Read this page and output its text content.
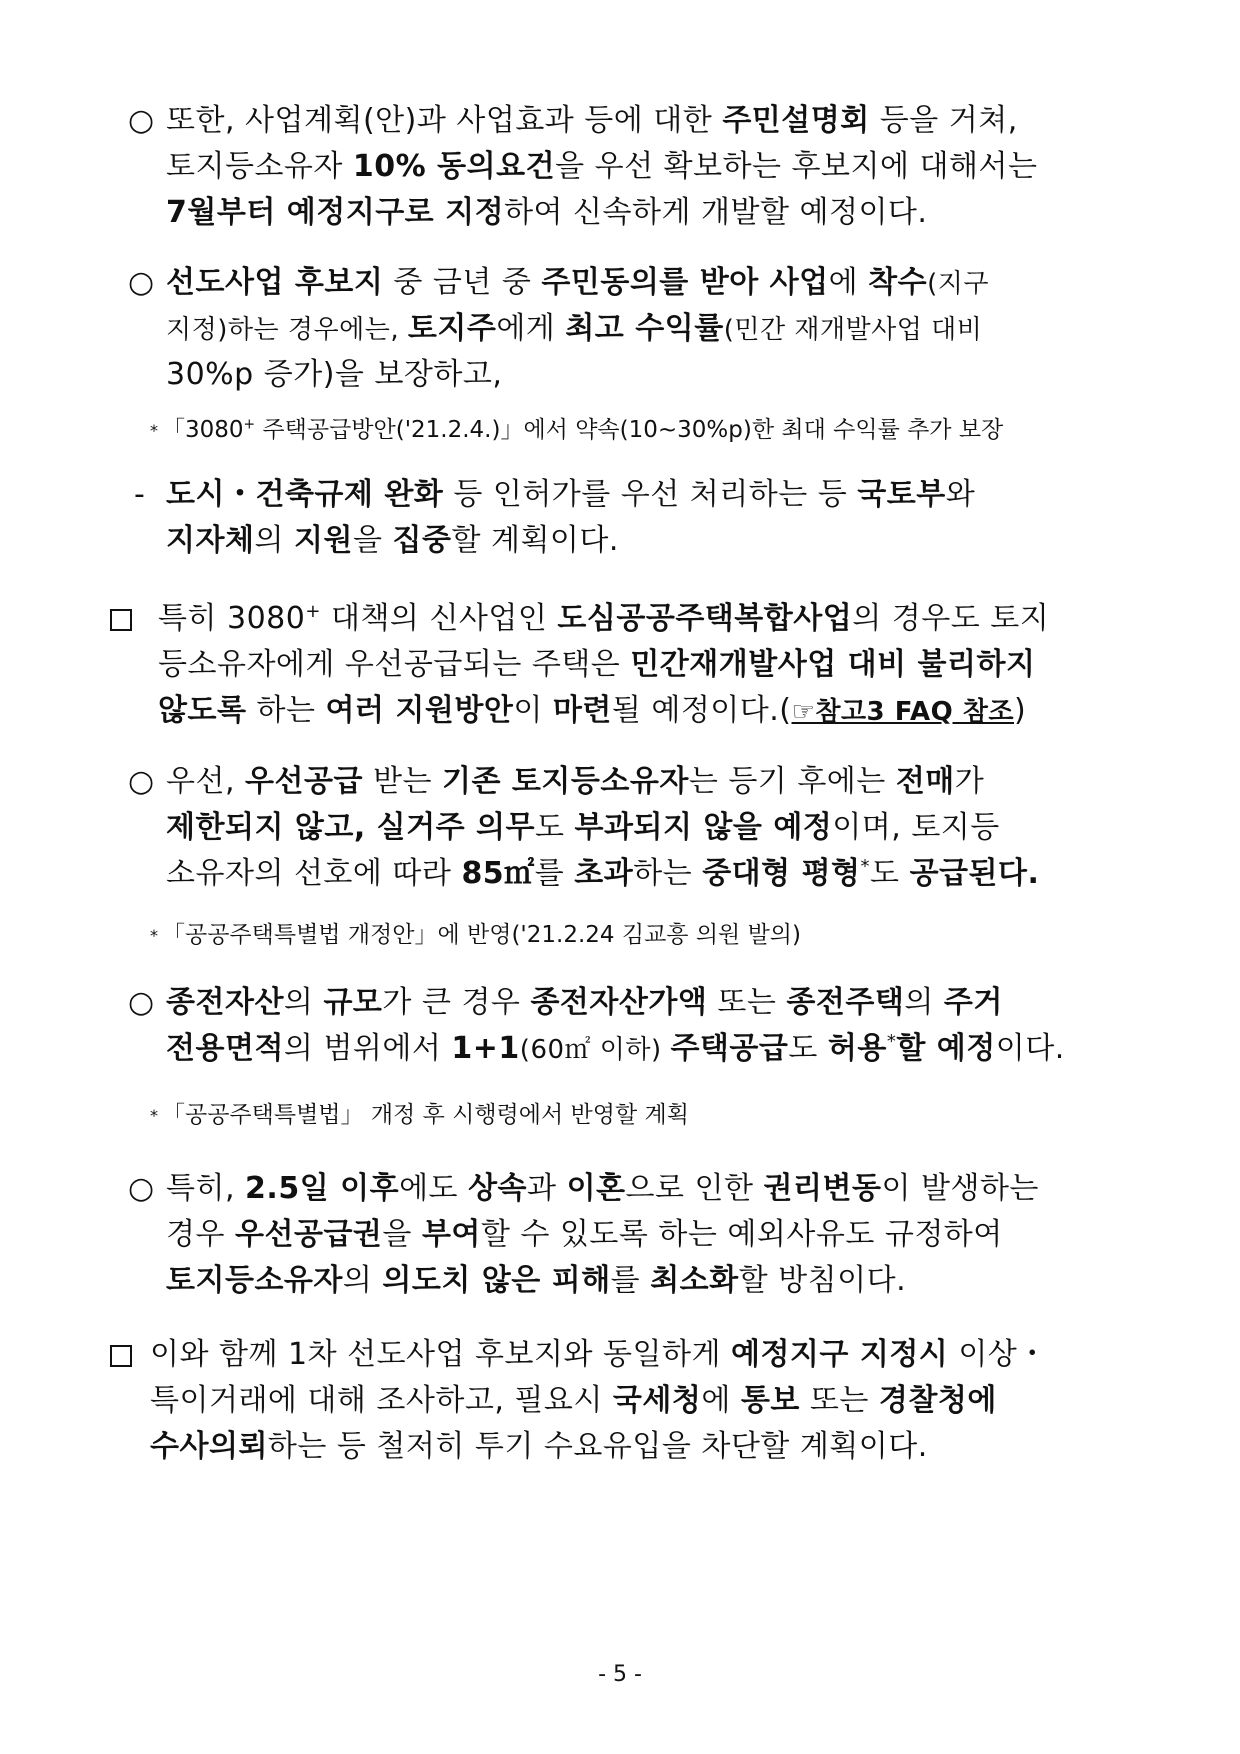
○ 또한, 사업계획(안)과 사업효과 등에 대한 주민설명회 등을 거쳐,
토지등소유자 10% 동의요건을 우선 확보하는 후보지에 대해서는
7월부터 예정지구로 지정하여 신속하게 개발할 예정이다.
○ 선도사업 후보지 중 금년 중 주민동의를 받아 사업에 착수(지구
지정)하는 경우에는, 토지주에게 최고 수익률(민간 재개발사업 대비
30%p 증가)을 보장하고,
* 「3080+ 주택공급방안('21.2.4.)」에서 약속(10~30%p)한 최대 수익률 추가 보장
- 도시・건축규제 완화 등 인허가를 우선 처리하는 등 국토부와
지자체의 지원을 집중할 계획이다.
특히 3080+ 대책의 신사업인 도심공공주택복합사업의 경우도 토지
등소유자에게 우선공급되는 주택은 민간재개발사업 대비 불리하지
않도록 하는 여러 지원방안이 마련될 예정이다.(☞참고3 FAQ 참조)
○ 우선, 우선공급 받는 기존 토지등소유자는 등기 후에는 전매가
제한되지 않고, 실거주 의무도 부과되지 않을 예정이며, 토지등
소유자의 선호에 따라 85㎡를 초과하는 중대형 평형*도 공급된다.
* 「공공주택특별법 개정안」에 반영('21.2.24 김교흥 의원 발의)
○ 종전자산의 규모가 큰 경우 종전자산가액 또는 종전주택의 주거
전용면적의 범위에서 1+1(60㎡ 이하) 주택공급도 허용*할 예정이다.
* 「공공주택특별법」 개정 후 시행령에서 반영할 계획
○ 특히, 2.5일 이후에도 상속과 이혼으로 인한 권리변동이 발생하는
경우 우선공급권을 부여할 수 있도록 하는 예외사유도 규정하여
토지등소유자의 의도치 않은 피해를 최소화할 방침이다.
이와 함께 1차 선도사업 후보지와 동일하게 예정지구 지정시 이상・
특이거래에 대해 조사하고, 필요시 국세청에 통보 또는 경찰청에
수사의뢰하는 등 철저히 투기 수요유입을 차단할 계획이다.
- 5 -
